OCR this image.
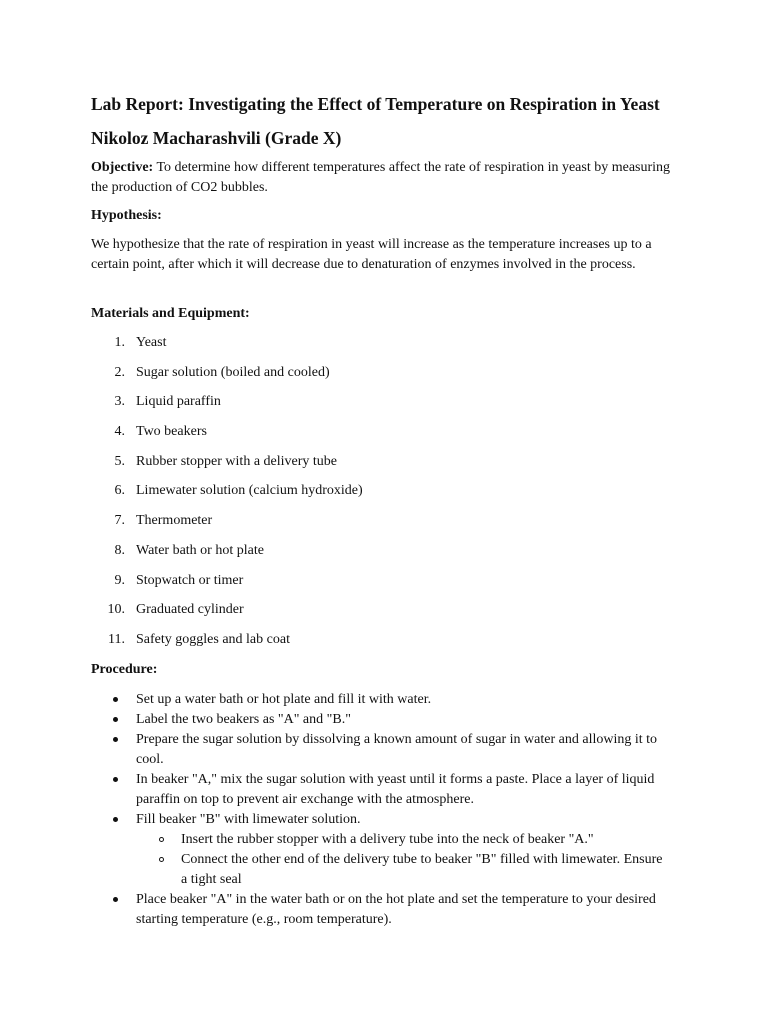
Lab Report: Investigating the Effect of Temperature on Respiration in Yeast
Nikoloz Macharashvili (Grade X)
Objective: To determine how different temperatures affect the rate of respiration in yeast by measuring the production of CO2 bubbles.
Hypothesis:
We hypothesize that the rate of respiration in yeast will increase as the temperature increases up to a certain point, after which it will decrease due to denaturation of enzymes involved in the process.
Materials and Equipment:
1. Yeast
2. Sugar solution (boiled and cooled)
3. Liquid paraffin
4. Two beakers
5. Rubber stopper with a delivery tube
6. Limewater solution (calcium hydroxide)
7. Thermometer
8. Water bath or hot plate
9. Stopwatch or timer
10. Graduated cylinder
11. Safety goggles and lab coat
Procedure:
Set up a water bath or hot plate and fill it with water.
Label the two beakers as "A" and "B."
Prepare the sugar solution by dissolving a known amount of sugar in water and allowing it to cool.
In beaker "A," mix the sugar solution with yeast until it forms a paste. Place a layer of liquid paraffin on top to prevent air exchange with the atmosphere.
Fill beaker "B" with limewater solution.
Insert the rubber stopper with a delivery tube into the neck of beaker "A."
Connect the other end of the delivery tube to beaker "B" filled with limewater. Ensure a tight seal
Place beaker "A" in the water bath or on the hot plate and set the temperature to your desired starting temperature (e.g., room temperature).
